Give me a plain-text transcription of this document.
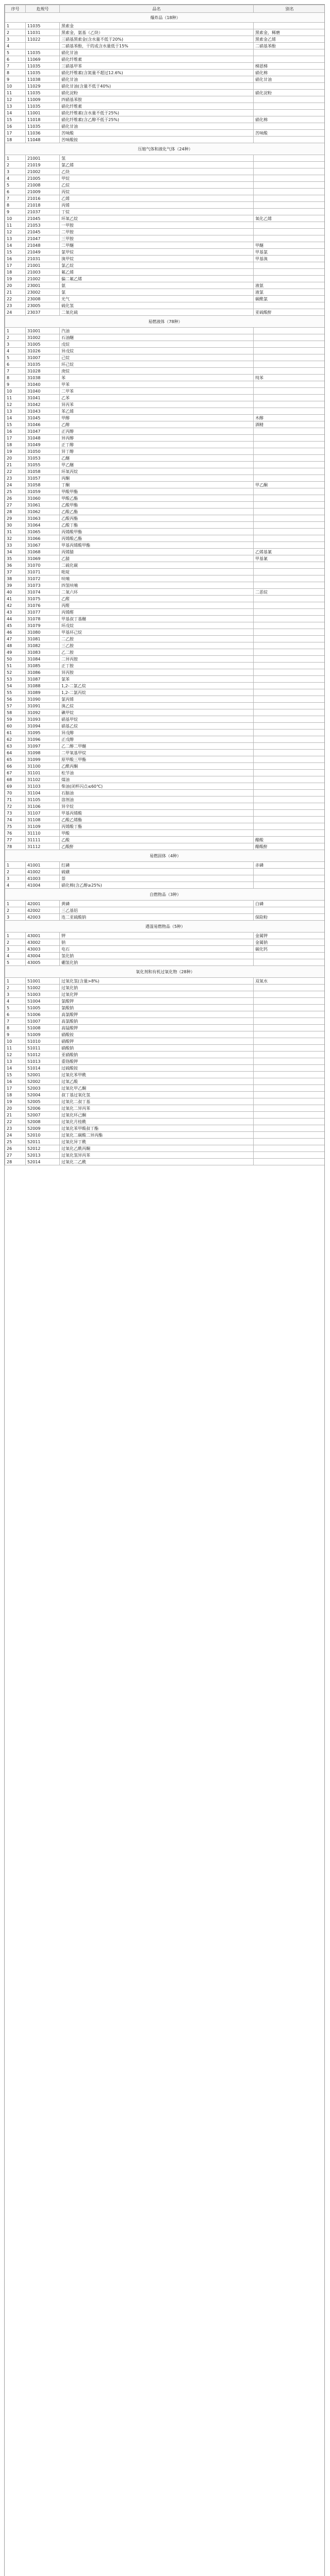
序号	危规号	品名	别名
爆炸品（18种）			
1	11035	黑索金	
2	11031	黑索金，氨基（乙炔）	黑索金，稀磨
3	11022	三硝基黑索金(含水量不低于20%)	黑索金乙烯
4		二硝基苯酚，干的或含水量低于15%	二硝基苯酚
5	11035	硝化甘油	
6	11069	硝化纤维素	
7	11035	三硝基甲苯	梯恩梯
8	11035	硝化纤维素(含氮量不超过12.6%)	硝化棉
9	11038	硝化甘油	硝化甘油
10	11029	硝化甘油(含量不低于40%)	
11	11035	硝化淀粉	硝化淀粉
12	11009	四硝基苯胺	
13	11035	硝化纤维素	
14	11001	硝化纤维素(含水量不低于25%)	
15	11018	硝化纤维素(含乙醇不低于25%)	硝化棉
16	11035	硝化甘油	
17	11036	苦味酸	苦味酸
18	11048	苦味酸铵	
压缩气体和液化气体（24种）			
1	21001	氢	
2	21019	氯乙烯	
3	21002	乙炔	
4	21005	甲烷	
5	21008	乙烷	
6	21009	丙烷	
7	21016	乙烯	
8	21018	丙烯	
9	21037	丁烷	
10	21045	环氧乙烷	氧化乙烯
11	21053	一甲胺	
12	21045	二甲胺	
13	21047	三甲胺	
14	21048	二甲醚	甲醚
15	21049	氯甲烷	甲基氯
16	21031	溴甲烷	甲基溴
17	21001	氯乙烷	
18	21003	氟乙烯	
19	21002	偏二氟乙烯	
20	23001	氨	液氨
21	23002	氯	液氯
22	23008	光气	碳酰氯
23	23005	硫化氢	
24	23037	二氧化硫	亚硫酸酐
易燃液体（78种）			
1	31001	汽油	
2	31002	石油醚	
3	31005	戊烷	
4	31026	异戊烷	
5	31007	己烷	
6	31035	环己烷	
7	31028	庚烷	
8	31038	苯	纯苯
9	31040	甲苯	
10	31040	二甲苯	
11	31041	乙苯	
12	31042	异丙苯	
13	31043	苯乙烯	
14	31045	甲醇	木醇
15	31046	乙醇	酒精
16	31047	正丙醇	
17	31048	异丙醇	
18	31049	正丁醇	
19	31050	异丁醇	
20	31053	乙醚	
21	31055	甲乙醚	
22	31058	环氧丙烷	
23	31057	丙酮	
24	31058	丁酮	甲乙酮
25	31059	甲酸甲酯	
26	31060	甲酸乙酯	
27	31061	乙酸甲酯	
28	31062	乙酸乙酯	
29	31063	乙酸丙酯	
30	31064	乙酸丁酯	
31	31065	丙烯酸甲酯	
32	31066	丙烯酸乙酯	
33	31067	甲基丙烯酸甲酯	
34	31068	丙烯腈	乙烯基氰
35	31069	乙腈	甲基氰
36	31070	二硫化碳	
37	31071	吡啶	
38	31072	呋喃	
39	31073	四氢呋喃	
40	31074	二氧六环	二恶烷
41	31075	乙醛	
42	31076	丙醛	
43	31077	丙烯醛	
44	31078	甲基叔丁基醚	
45	31079	环戊烷	
46	31080	甲基环己烷	
47	31081	二乙胺	
48	31082	三乙胺	
49	31083	乙二胺	
50	31084	二异丙胺	
51	31085	正丁胺	
52	31086	异丙胺	
53	31087	氯苯	
54	31088	1,2-二氯乙烷	
55	31089	1,2-二氯丙烷	
56	31090	氯丙烯	
57	31091	溴乙烷	
58	31092	碘甲烷	
59	31093	硝基甲烷	
60	31094	硝基乙烷	
61	31095	异戊醇	
62	31096	正戊醇	
63	31097	乙二醇二甲醚	
64	31098	二甲氧基甲烷	
65	31099	原甲酸三甲酯	
66	31100	乙酰丙酮	
67	31101	松节油	
68	31102	煤油	
69	31103	柴油(闭杯闪点≤60℃)	
70	31104	石脑油	
71	31105	溶剂油	
72	31106	异辛烷	
73	31107	甲基丙烯酸	
74	31108	乙酸乙烯酯	
75	31109	丙烯酸丁酯	
76	31110	甲酸	
77	31111	乙酸	醋酸
78	31112	乙酸酐	醋酸酐
易燃固体（4种）			
1	41001	红磷	赤磷
2	41002	硫磺	
3	41003	萘	
4	41004	硝化棉(含乙醇≥25%)	
自燃物品（3种）			
1	42001	黄磷	白磷
2	42002	三乙基铝	
3	42003	连二亚硫酸钠	保险粉
遇湿易燃物品（5种）			
1	43001	钾	金属钾
2	43002	钠	金属钠
3	43003	电石	碳化钙
4	43004	氢化钠	
5	43005	硼氢化钠	
氧化剂和有机过氧化物（28种）			
1	51001	过氧化氢(含量>8%)	双氧水
2	51002	过氧化钠	
3	51003	过氧化钾	
4	51004	氯酸钾	
5	51005	氯酸钠	
6	51006	高氯酸钾	
7	51007	高氯酸钠	
8	51008	高锰酸钾	
9	51009	硝酸铵	
10	51010	硝酸钾	
11	51011	硝酸钠	
12	51012	亚硝酸钠	
13	51013	重铬酸钾	
14	51014	过硫酸铵	
15	52001	过氧化苯甲酰	
16	52002	过氧乙酸	
17	52003	过氧化甲乙酮	
18	52004	叔丁基过氧化氢	
19	52005	过氧化二叔丁基	
20	52006	过氧化二异丙苯	
21	52007	过氧化环己酮	
22	52008	过氧化月桂酰	
23	52009	过氧化苯甲酸叔丁酯	
24	52010	过氧化二碳酸二异丙酯	
25	52011	过氧化异丁酰	
26	52012	过氧化乙酰丙酮	
27	52013	过氧化氢异丙苯	
28	52014	过氧化二乙酰	
